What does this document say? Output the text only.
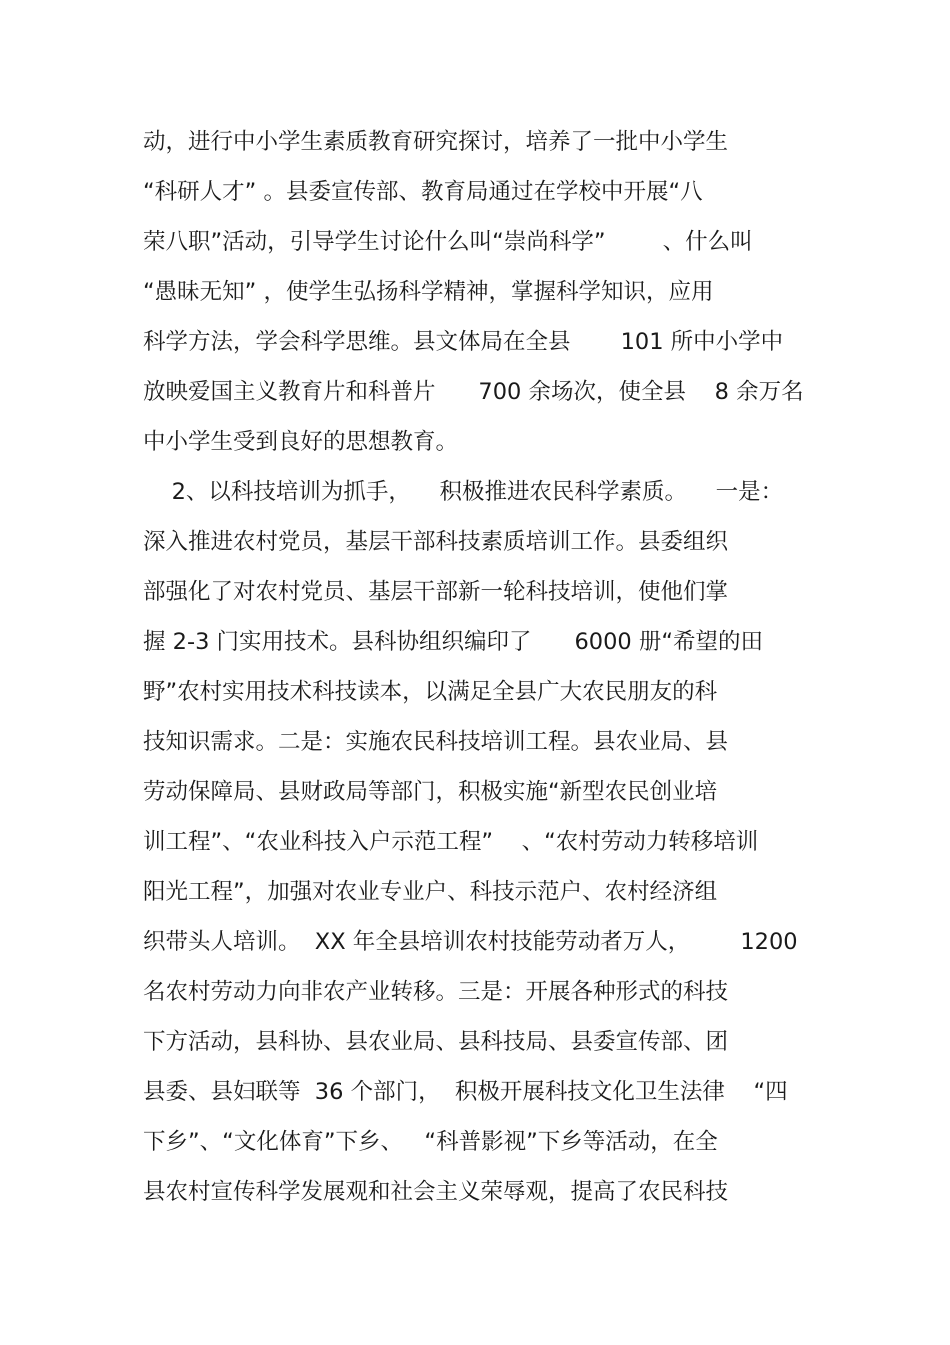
动，进行中小学生素质教育研究探讨，培养了一批中小学生
“科研人才” 。县委宣传部、教育局通过在学校中开展“八
荣八职”活动，引导学生讨论什么叫“崇尚科学”        、什么叫
“愚昧无知” ，使学生弘扬科学精神，掌握科学知识，应用
科学方法，学会科学思维。县文体局在全县       101 所中小学中
放映爱国主义教育片和科普片      700 余场次，使全县    8 余万名
中小学生受到良好的思想教育。
2、以科技培训为抓手，    积极推进农民科学素质。    一是：
深入推进农村党员，基层干部科技素质培训工作。县委组织
部强化了对农村党员、基层干部新一轮科技培训，使他们掌
握 2-3 门实用技术。县科协组织编印了      6000 册“希望的田
野”农村实用技术科技读本，以满足全县广大农民朋友的科
技知识需求。二是：实施农民科技培训工程。县农业局、县
劳动保障局、县财政局等部门，积极实施“新型农民创业培
训工程”、“农业科技入户示范工程”    、“农村劳动力转移培训
阳光工程”，加强对农业专业户、科技示范户、农村经济组
织带头人培训。  XX 年全县培训农村技能劳动者万人，       1200
名农村劳动力向非农产业转移。三是：开展各种形式的科技
下方活动，县科协、县农业局、县科技局、县委宣传部、团
县委、县妇联等  36 个部门，  积极开展科技文化卫生法律    “四
下乡”、“文化体育”下乡、   “科普影视”下乡等活动，在全
县农村宣传科学发展观和社会主义荣辱观，提高了农民科技
